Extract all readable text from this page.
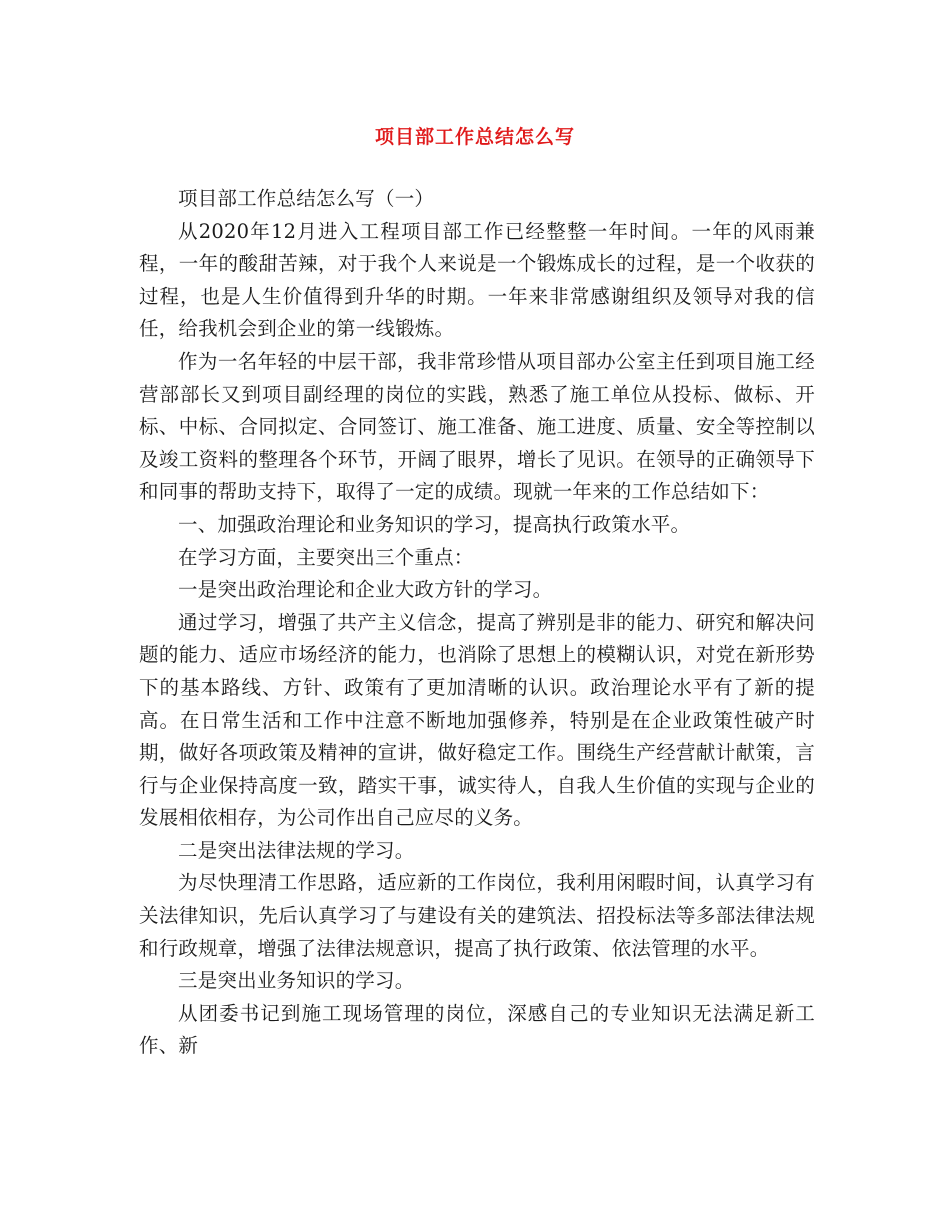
项目部工作总结怎么写

项目部工作总结怎么写（一）

从2020年12月进入工程项目部工作已经整整一年时间。一年的风雨兼程，一年的酸甜苦辣，对于我个人来说是一个锻炼成长的过程，是一个收获的过程，也是人生价值得到升华的时期。一年来非常感谢组织及领导对我的信任，给我机会到企业的第一线锻炼。

作为一名年轻的中层干部，我非常珍惜从项目部办公室主任到项目施工经营部部长又到项目副经理的岗位的实践，熟悉了施工单位从投标、做标、开标、中标、合同拟定、合同签订、施工准备、施工进度、质量、安全等控制以及竣工资料的整理各个环节，开阔了眼界，增长了见识。在领导的正确领导下和同事的帮助支持下，取得了一定的成绩。现就一年来的工作总结如下：

一、加强政治理论和业务知识的学习，提高执行政策水平。

在学习方面，主要突出三个重点：

一是突出政治理论和企业大政方针的学习。

通过学习，增强了共产主义信念，提高了辨别是非的能力、研究和解决问题的能力、适应市场经济的能力，也消除了思想上的模糊认识，对党在新形势下的基本路线、方针、政策有了更加清晰的认识。政治理论水平有了新的提高。在日常生活和工作中注意不断地加强修养，特别是在企业政策性破产时期，做好各项政策及精神的宣讲，做好稳定工作。围绕生产经营献计献策，言行与企业保持高度一致，踏实干事，诚实待人，自我人生价值的实现与企业的发展相依相存，为公司作出自己应尽的义务。

二是突出法律法规的学习。

为尽快理清工作思路，适应新的工作岗位，我利用闲暇时间，认真学习有关法律知识，先后认真学习了与建设有关的建筑法、招投标法等多部法律法规和行政规章，增强了法律法规意识，提高了执行政策、依法管理的水平。

三是突出业务知识的学习。

从团委书记到施工现场管理的岗位，深感自己的专业知识无法满足新工作、新
